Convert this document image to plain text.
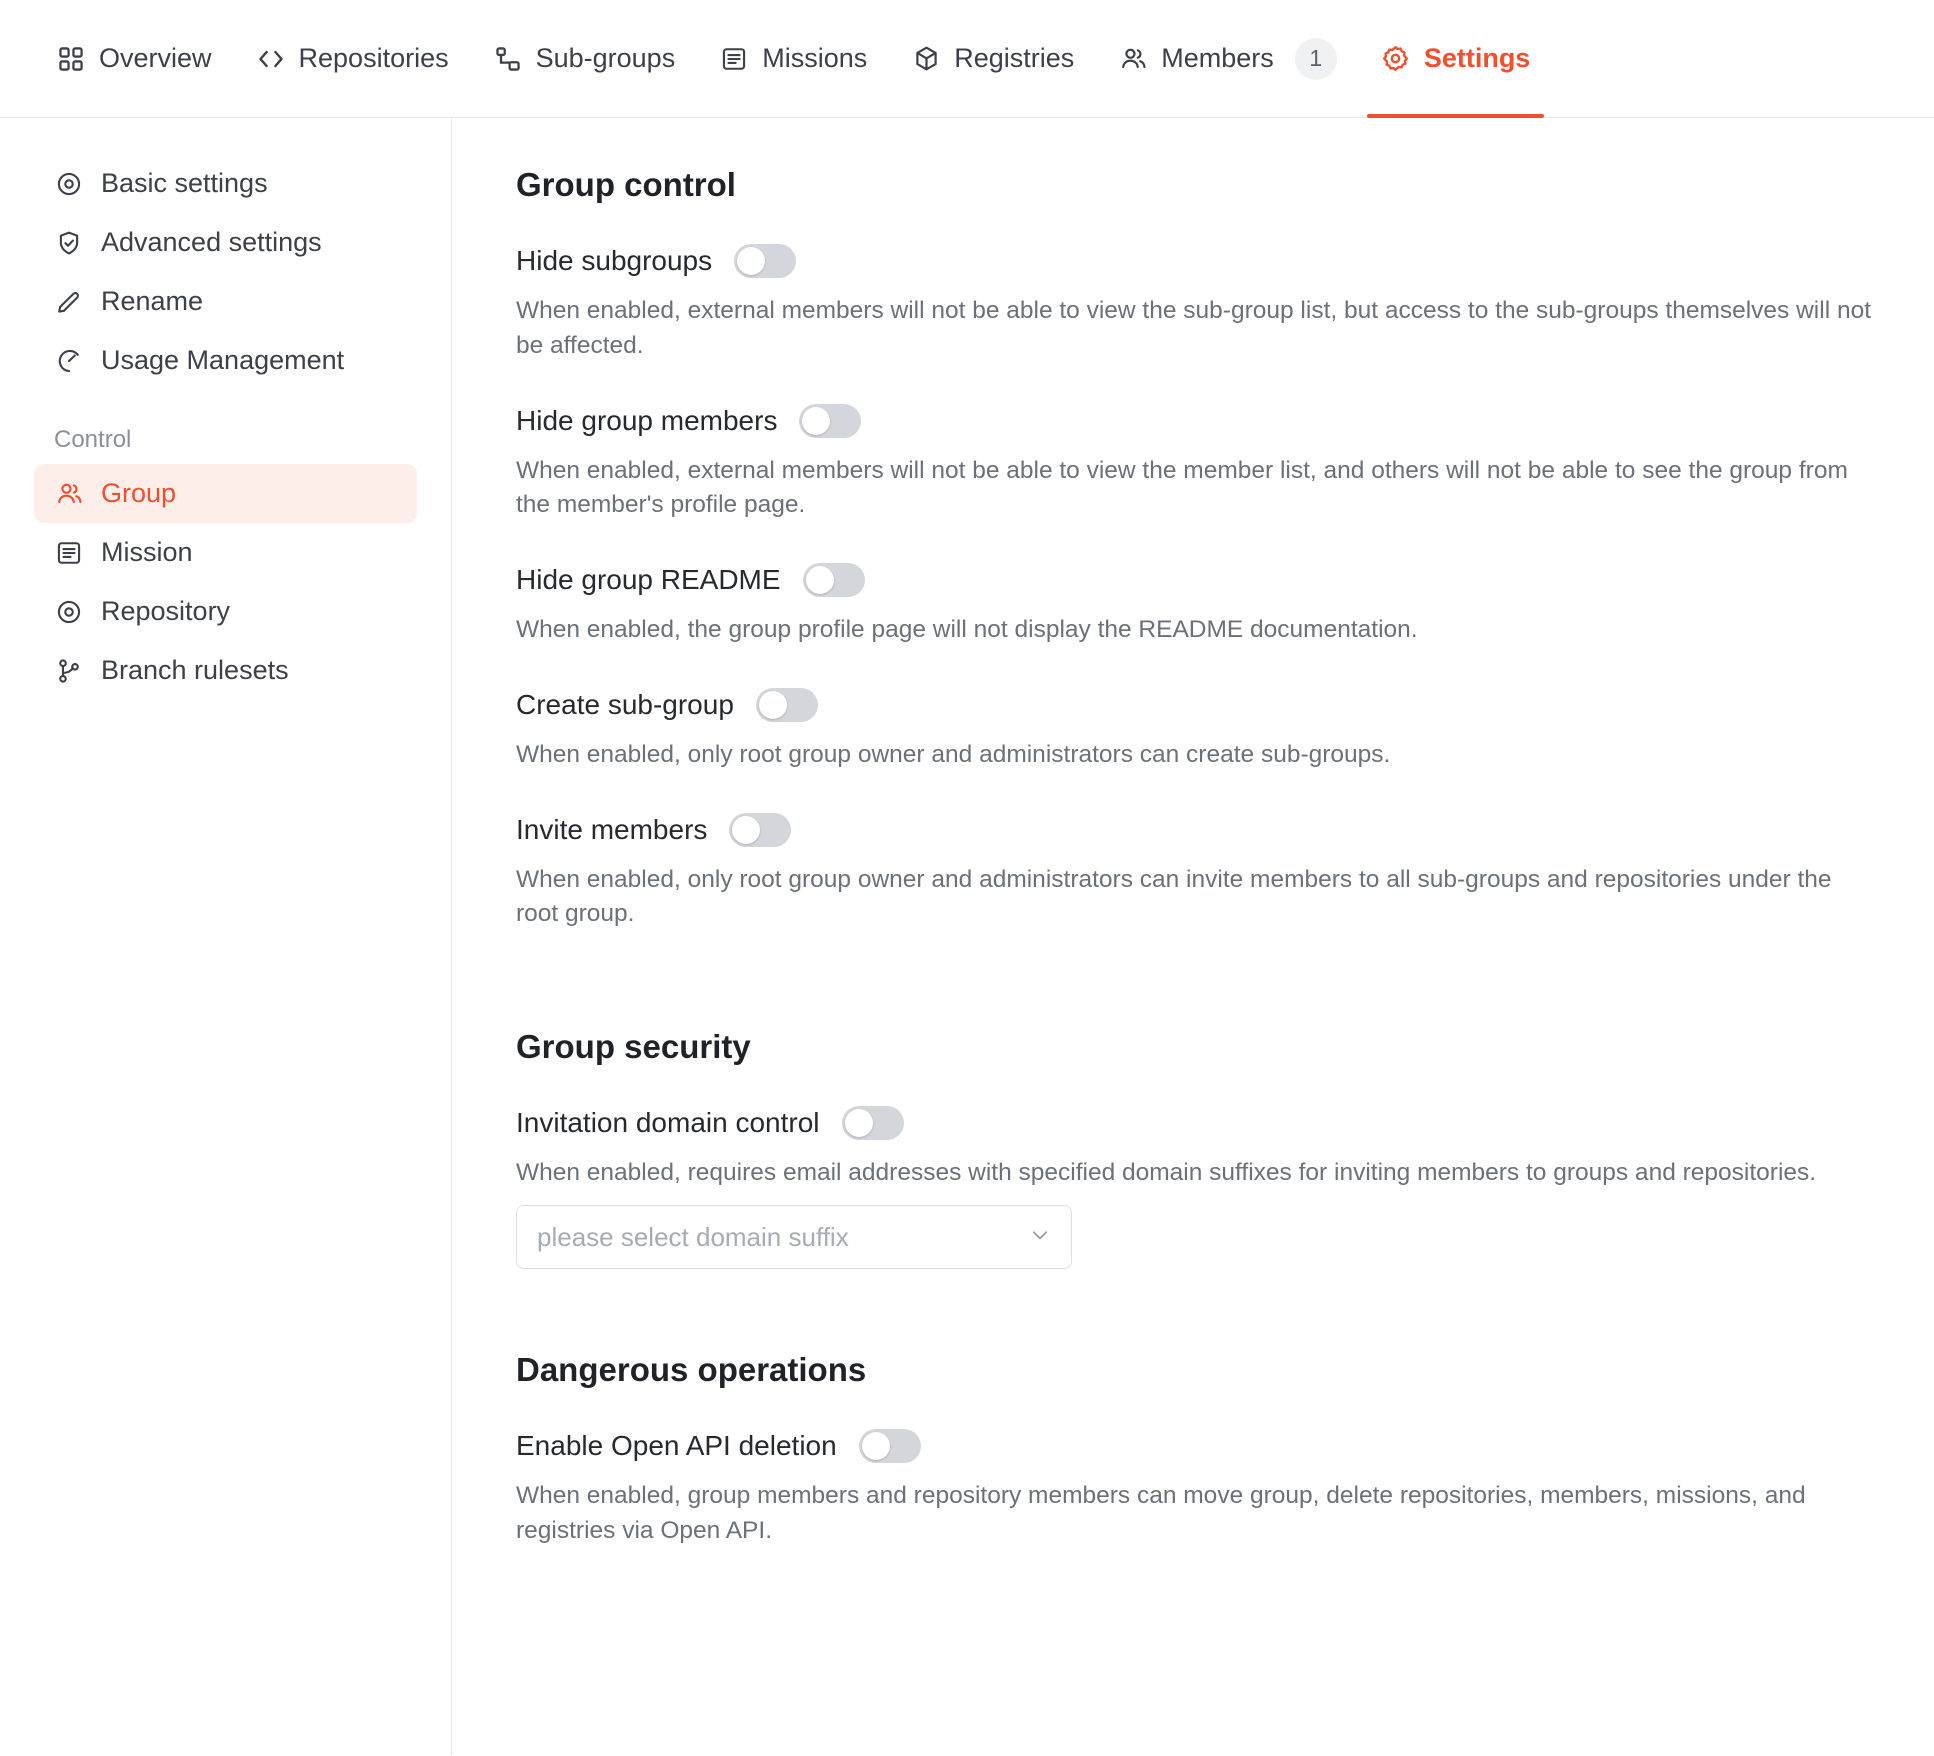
Overview	Repositories	Sub-groups	Missions	Registries	Members	1	Settings
Basic settings
Advanced settings
Rename
Usage Management
Control
Group
Mission
Repository
Branch rulesets
Group control
Hide subgroups

When enabled, external members will not be able to view the sub-group list, but access to the sub-groups themselves will not be affected.

Hide group members

When enabled, external members will not be able to view the member list, and others will not be able to see the group from the member's profile page.

Hide group README

When enabled, the group profile page will not display the README documentation.

Create sub-group

When enabled, only root group owner and administrators can create sub-groups.

Invite members

When enabled, only root group owner and administrators can invite members to all sub-groups and repositories under the root group.

Group security
Invitation domain control

When enabled, requires email addresses with specified domain suffixes for inviting members to groups and repositories.

please select domain suffix
Dangerous operations
Enable Open API deletion

When enabled, group members and repository members can move group, delete repositories, members, missions, and registries via Open API.
